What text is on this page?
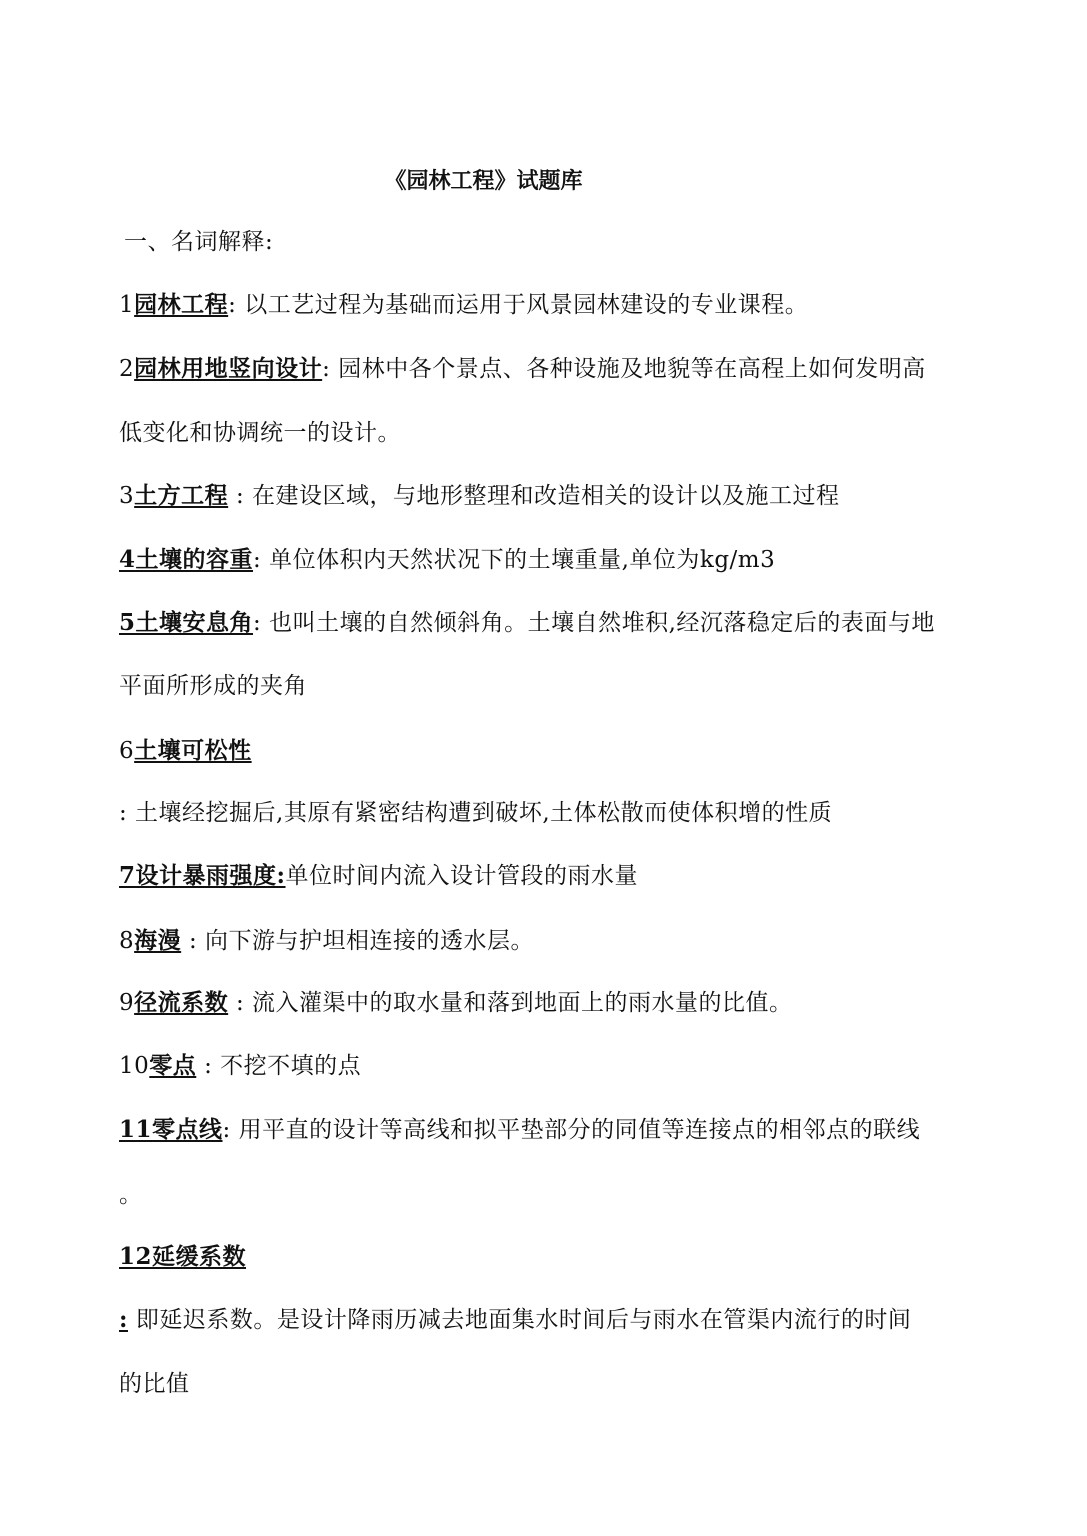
《园林工程》试题库
一、名词解释:
1园林工程: 以工艺过程为基础而运用于风景园林建设的专业课程。
2园林用地竖向设计: 园林中各个景点、各种设施及地貌等在高程上如何发明高
低变化和协调统一的设计。
3土方工程 : 在建设区域，与地形整理和改造相关的设计以及施工过程
4土壤的容重: 单位体积内天然状况下的土壤重量,单位为kg/m3
5土壤安息角: 也叫土壤的自然倾斜角。土壤自然堆积,经沉落稳定后的表面与地
平面所形成的夹角
6土壤可松性
: 土壤经挖掘后,其原有紧密结构遭到破坏,土体松散而使体积增的性质
7设计暴雨强度:单位时间内流入设计管段的雨水量
8海漫 : 向下游与护坦相连接的透水层。
9径流系数 : 流入灌渠中的取水量和落到地面上的雨水量的比值。
10零点 : 不挖不填的点
11零点线: 用平直的设计等高线和拟平垫部分的同值等连接点的相邻点的联线
。
12延缓系数
: 即延迟系数。是设计降雨历减去地面集水时间后与雨水在管渠内流行的时间
的比值
